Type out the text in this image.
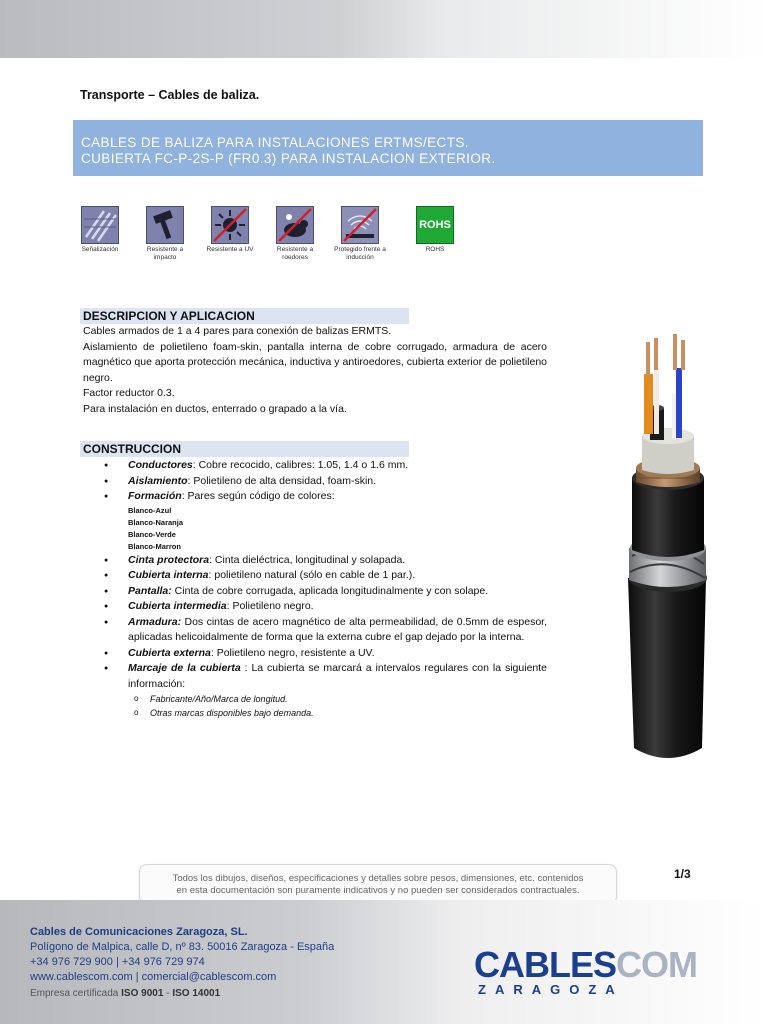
Transporte – Cables de baliza.
CABLES DE BALIZA PARA INSTALACIONES ERTMS/ECTS.
CUBIERTA FC-P-2S-P (FR0.3) PARA INSTALACION EXTERIOR.
Señalización	Resistente a impacto
Resistente a UV	Resistente a roedores
Protegido frente a inducción
ROHS
ROHS
DESCRIPCION Y APLICACION

Cables armados de 1 a 4 pares para conexión de balizas ERMTS.

Aislamiento de polietileno foam-skin, pantalla interna de cobre corrugado, armadura de acero magnético que aporta protección mecánica, inductiva y antiroedores, cubierta exterior de polietileno negro.

Factor reductor 0.3.

Para instalación en ductos, enterrado o grapado a la vía.

CONSTRUCCION
● Conductores: Cobre recocido, calibres: 1.05, 1.4 o 1.6 mm.
● Aislamiento: Polietileno de alta densidad, foam-skin.
● Formación: Pares según código de colores:
Blanco-Azul
Blanco-Naranja
Blanco-Verde
Blanco-Marron
● Cinta protectora: Cinta dieléctrica, longitudinal y solapada.
● Cubierta interna: polietileno natural (sólo en cable de 1 par.).
● Pantalla: Cinta de cobre corrugada, aplicada longitudinalmente y con solape.
● Cubierta intermedia: Polietileno negro.
● Armadura: Dos cintas de acero magnético de alta permeabilidad, de 0.5mm de espesor, aplicadas helicoidalmente de forma que la externa cubre el gap dejado por la interna.
● Cubierta externa: Polietileno negro, resistente a UV.
● Marcaje de la cubierta : La cubierta se marcará a intervalos regulares con la siguiente información:
o Fabricante/Año/Marca de longitud.
o Otras marcas disponibles bajo demanda.
Todos los dibujos, diseños, especificaciones y detalles sobre pesos, dimensiones, etc. contenidos
en esta documentación son puramente indicativos y no pueden ser considerados contractuales.
1/3
Cables de Comunicaciones Zaragoza, SL.
Polígono de Malpica, calle D, nº 83. 50016 Zaragoza - España
+34 976 729 900 | +34 976 729 974
www.cablescom.com | comercial@cablescom.com
Empresa certificada ISO 9001 - ISO 14001
CABLESCOM
ZARAGOZA
